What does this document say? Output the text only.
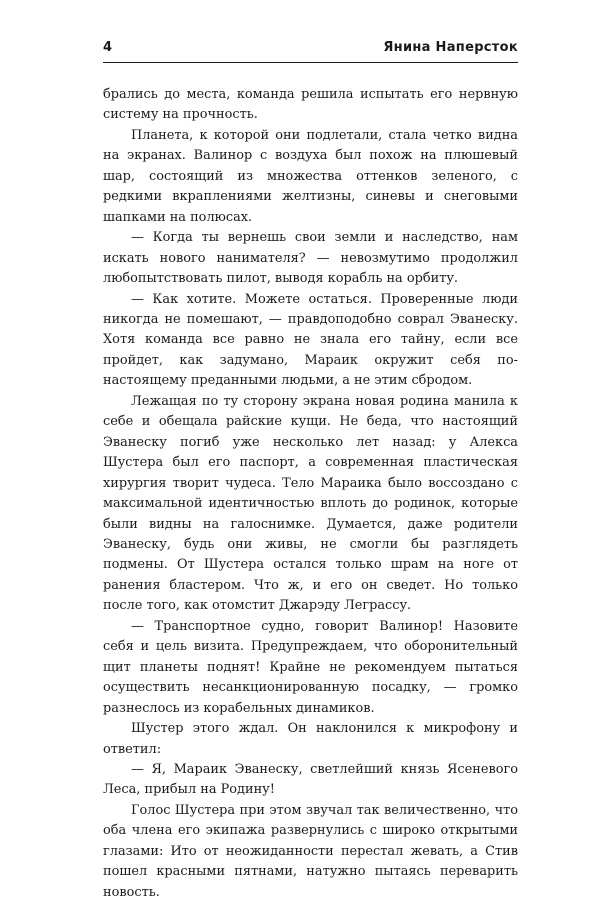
4	Янина Наперсток

брались до места, команда решила испытать его нервную систему на прочность.

Планета, к которой они подлетали, стала четко видна на экранах. Валинор с воздуха был похож на плюшевый шар, состоящий из множества оттенков зеленого, с редкими вкраплениями желтизны, синевы и снеговыми шапками на полюсах.

— Когда ты вернешь свои земли и наследство, нам искать нового нанимателя? — невозмутимо продолжил любопытствовать пилот, выводя корабль на орбиту.

— Как хотите. Можете остаться. Проверенные люди никогда не помешают, — правдоподобно соврал Эванеску. Хотя команда все равно не знала его тайну, если все пройдет, как задумано, Мараик окружит себя по-настоящему преданными людьми, а не этим сбродом.

Лежащая по ту сторону экрана новая родина манила к себе и обещала райские кущи. Не беда, что настоящий Эванеску погиб уже несколько лет назад: у Алекса Шустера был его паспорт, а современная пластическая хирургия творит чудеса. Тело Мараика было воссоздано с максимальной идентичностью вплоть до родинок, которые были видны на галоснимке. Думается, даже родители Эванеску, будь они живы, не смогли бы разглядеть подмены. От Шустера остался только шрам на ноге от ранения бластером. Что ж, и его он сведет. Но только после того, как отомстит Джарэду Леграссу.

— Транспортное судно, говорит Валинор! Назовите себя и цель визита. Предупреждаем, что оборонительный щит планеты поднят! Крайне не рекомендуем пытаться осуществить несанкционированную посадку, — громко разнеслось из корабельных динамиков.

Шустер этого ждал. Он наклонился к микрофону и ответил:

— Я, Мараик Эванеску, светлейший князь Ясеневого Леса, прибыл на Родину!

Голос Шустера при этом звучал так величественно, что оба члена его экипажа развернулись с широко открытыми глазами: Ито от неожиданности перестал жевать, а Стив пошел красными пятнами, натужно пытаясь переварить новость.
